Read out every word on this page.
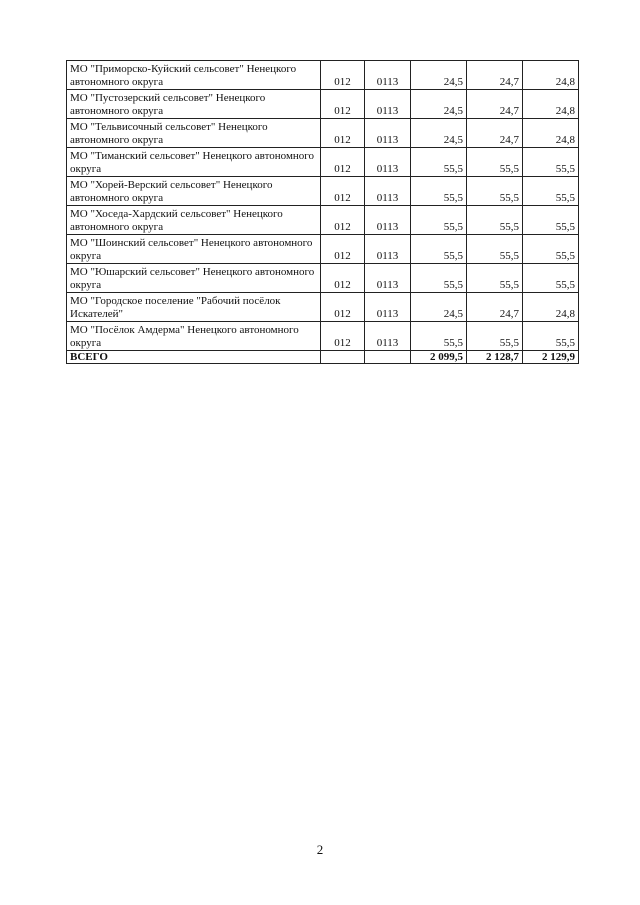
МО "Приморско-Куйский сельсовет" Ненецкого автономного округа	012	0113	24,5	24,7	24,8
МО "Пустозерский сельсовет" Ненецкого автономного округа	012	0113	24,5	24,7	24,8
МО "Тельвисочный сельсовет" Ненецкого автономного округа	012	0113	24,5	24,7	24,8
МО "Тиманский сельсовет" Ненецкого автономного округа	012	0113	55,5	55,5	55,5
МО "Хорей-Верский сельсовет" Ненецкого автономного округа	012	0113	55,5	55,5	55,5
МО "Хоседа-Хардский сельсовет" Ненецкого автономного округа	012	0113	55,5	55,5	55,5
МО "Шоинский сельсовет" Ненецкого автономного округа	012	0113	55,5	55,5	55,5
МО "Юшарский сельсовет" Ненецкого автономного округа	012	0113	55,5	55,5	55,5
МО "Городское поселение "Рабочий посёлок Искателей"	012	0113	24,5	24,7	24,8
МО "Посёлок Амдерма" Ненецкого автономного округа	012	0113	55,5	55,5	55,5
ВСЕГО			2 099,5	2 128,7	2 129,9
2
